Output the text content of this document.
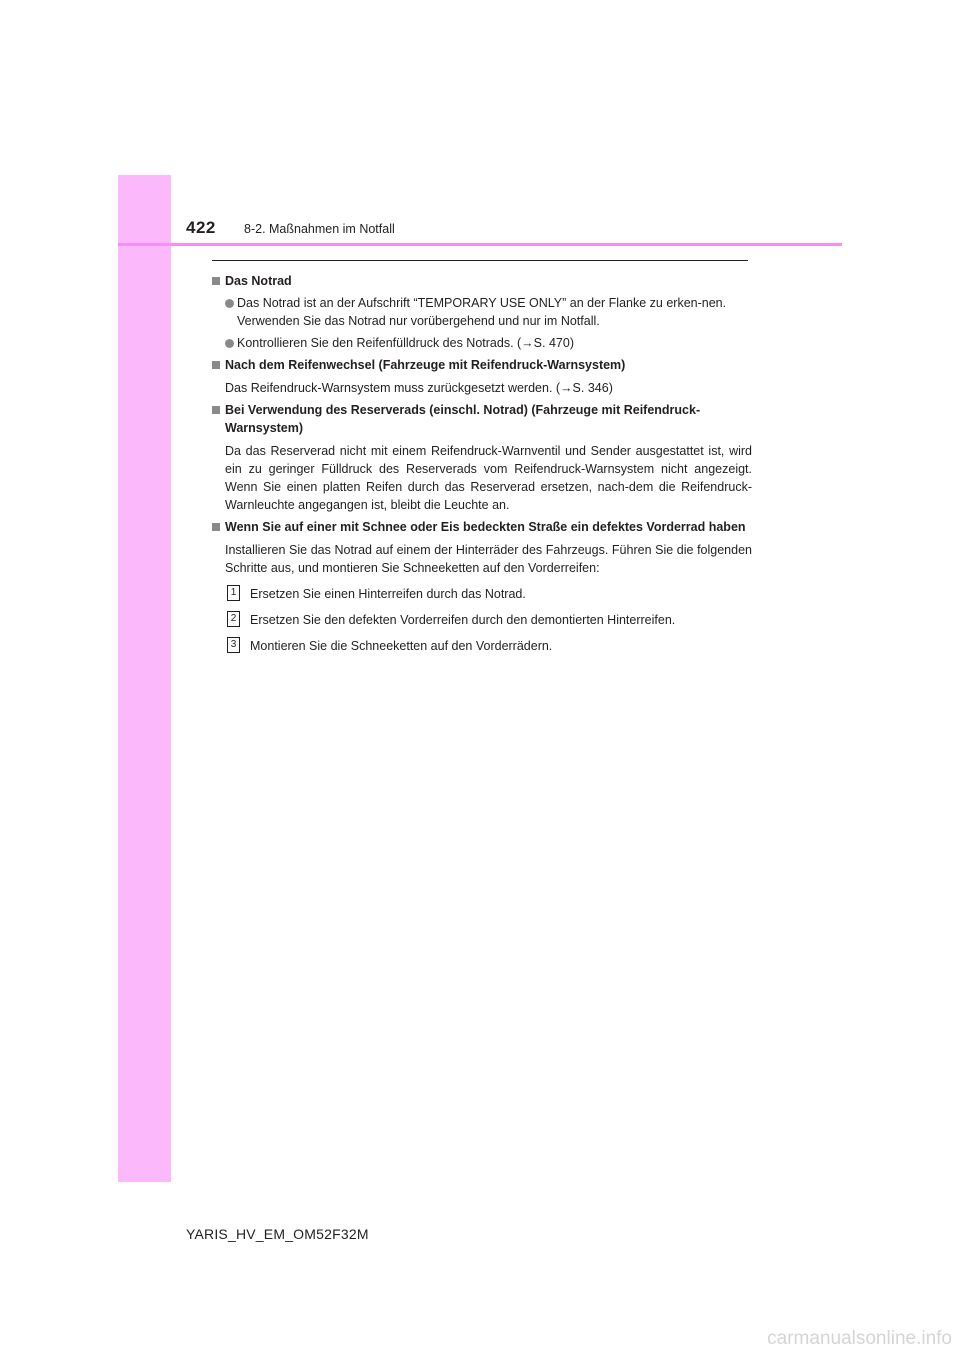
422 8-2. Maßnahmen im Notfall
Das Notrad
Das Notrad ist an der Aufschrift “TEMPORARY USE ONLY” an der Flanke zu erken-nen.
Verwenden Sie das Notrad nur vorübergehend und nur im Notfall.
Kontrollieren Sie den Reifenfülldruck des Notrads. (→S. 470)
Nach dem Reifenwechsel (Fahrzeuge mit Reifendruck-Warnsystem)
Das Reifendruck-Warnsystem muss zurückgesetzt werden. (→S. 346)
Bei Verwendung des Reserverads (einschl. Notrad) (Fahrzeuge mit Reifendruck-Warnsystem)
Da das Reserverad nicht mit einem Reifendruck-Warnventil und Sender ausgestattet ist, wird ein zu geringer Fülldruck des Reserverads vom Reifendruck-Warnsystem nicht angezeigt. Wenn Sie einen platten Reifen durch das Reserverad ersetzen, nach-dem die Reifendruck-Warnleuchte angegangen ist, bleibt die Leuchte an.
Wenn Sie auf einer mit Schnee oder Eis bedeckten Straße ein defektes Vorderrad haben
Installieren Sie das Notrad auf einem der Hinterräder des Fahrzeugs. Führen Sie die folgenden Schritte aus, und montieren Sie Schneeketten auf den Vorderreifen:
1 Ersetzen Sie einen Hinterreifen durch das Notrad.
2 Ersetzen Sie den defekten Vorderreifen durch den demontierten Hinterreifen.
3 Montieren Sie die Schneeketten auf den Vorderrädern.
YARIS_HV_EM_OM52F32M
carmanualsonline.info
